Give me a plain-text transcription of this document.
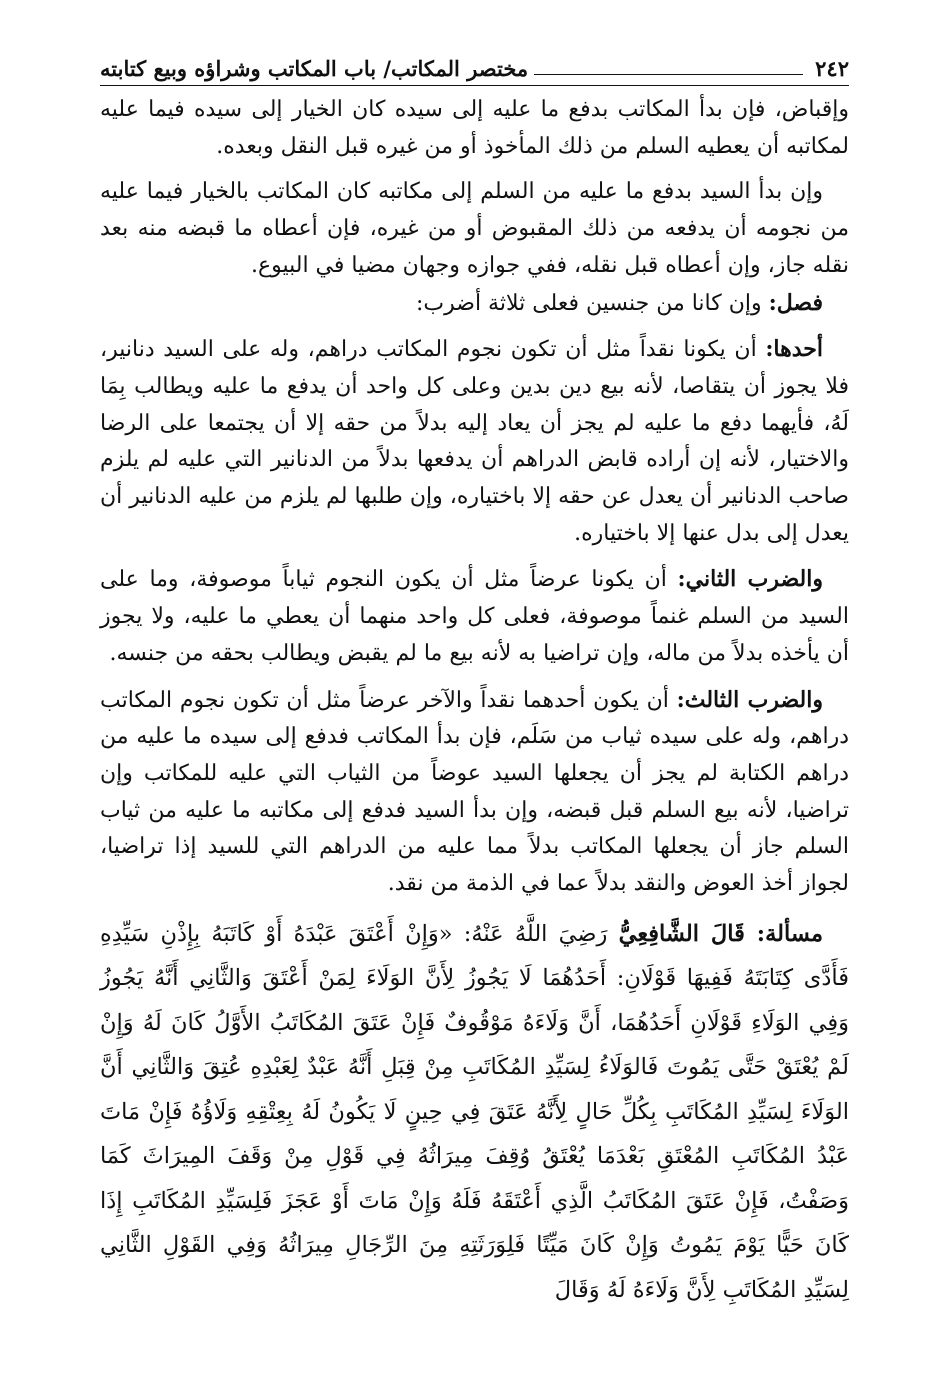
٢٤٢
مختصر المكاتب/ باب المكاتب وشراؤه وبيع كتابته

وإقباض، فإن بدأ المكاتب بدفع ما عليه إلى سيده كان الخيار إلى سيده فيما عليه لمكاتبه أن يعطيه السلم من ذلك المأخوذ أو من غيره قبل النقل وبعده.

وإن بدأ السيد بدفع ما عليه من السلم إلى مكاتبه كان المكاتب بالخيار فيما عليه من نجومه أن يدفعه من ذلك المقبوض أو من غيره، فإن أعطاه ما قبضه منه بعد نقله جاز، وإن أعطاه قبل نقله، ففي جوازه وجهان مضيا في البيوع.

فصل: وإن كانا من جنسين فعلى ثلاثة أضرب:

أحدها: أن يكونا نقداً مثل أن تكون نجوم المكاتب دراهم، وله على السيد دنانير، فلا يجوز أن يتقاصا، لأنه بيع دين بدين وعلى كل واحد أن يدفع ما عليه ويطالب بِمَا لَهُ، فأيهما دفع ما عليه لم يجز أن يعاد إليه بدلاً من حقه إلا أن يجتمعا على الرضا والاختيار، لأنه إن أراده قابض الدراهم أن يدفعها بدلاً من الدنانير التي عليه لم يلزم صاحب الدنانير أن يعدل عن حقه إلا باختياره، وإن طلبها لم يلزم من عليه الدنانير أن يعدل إلى بدل عنها إلا باختياره.

والضرب الثاني: أن يكونا عرضاً مثل أن يكون النجوم ثياباً موصوفة، وما على السيد من السلم غنماً موصوفة، فعلى كل واحد منهما أن يعطي ما عليه، ولا يجوز أن يأخذه بدلاً من ماله، وإن تراضيا به لأنه بيع ما لم يقبض ويطالب بحقه من جنسه.

والضرب الثالث: أن يكون أحدهما نقداً والآخر عرضاً مثل أن تكون نجوم المكاتب دراهم، وله على سيده ثياب من سَلَم، فإن بدأ المكاتب فدفع إلى سيده ما عليه من دراهم الكتابة لم يجز أن يجعلها السيد عوضاً من الثياب التي عليه للمكاتب وإن تراضيا، لأنه بيع السلم قبل قبضه، وإن بدأ السيد فدفع إلى مكاتبه ما عليه من ثياب السلم جاز أن يجعلها المكاتب بدلاً مما عليه من الدراهم التي للسيد إذا تراضيا، لجواز أخذ العوض والنقد بدلاً عما في الذمة من نقد.

مسألة: قَالَ الشَّافِعِيُّ رَضِيَ اللَّهُ عَنْهُ: «وَإِنْ أَعْتَقَ عَبْدَهُ أَوْ كَاتَبَهُ بِإِذْنِ سَيِّدِهِ فَأَدَّى كِتَابَتَهُ فَفِيهَا قَوْلَانِ: أَحَدُهُمَا لَا يَجُوزُ لِأَنَّ الوَلَاءَ لِمَنْ أَعْتَقَ وَالثَّانِي أَنَّهُ يَجُوزُ وَفِي الوَلَاءِ قَوْلَانِ أَحَدُهُمَا، أَنَّ وَلَاءَهُ مَوْقُوفٌ فَإِنْ عَتَقَ المُكَاتَبُ الأَوَّلُ كَانَ لَهُ وَإِنْ لَمْ يُعْتَقْ حَتَّى يَمُوتَ فَالوَلَاءُ لِسَيِّدِ المُكَاتَبِ مِنْ قِبَلِ أَنَّهُ عَبْدٌ لِعَبْدِهِ عُتِقَ وَالثَّانِي أَنَّ الوَلَاءَ لِسَيِّدِ المُكَاتَبِ بِكُلِّ حَالٍ لِأَنَّهُ عَتَقَ فِي حِينٍ لَا يَكُونُ لَهُ بِعِتْقِهِ وَلَاؤُهُ فَإِنْ مَاتَ عَبْدُ المُكَاتَبِ المُعْتَقِ بَعْدَمَا يُعْتَقُ وُقِفَ مِيرَاثُهُ فِي قَوْلِ مِنْ وَقَفَ المِيرَاثَ كَمَا وَصَفْتُ، فَإِنْ عَتَقَ المُكَاتَبُ الَّذِي أَعْتَقَهُ فَلَهُ وَإِنْ مَاتَ أَوْ عَجَزَ فَلِسَيِّدِ المُكَاتَبِ إِذَا كَانَ حَيًّا يَوْمَ يَمُوتُ وَإِنْ كَانَ مَيِّتًا فَلِوَرَثَتِهِ مِنَ الرِّجَالِ مِيرَاثُهُ وَفِي القَوْلِ الثَّانِي لِسَيِّدِ المُكَاتَبِ لِأَنَّ وَلَاءَهُ لَهُ وَقَالَ
